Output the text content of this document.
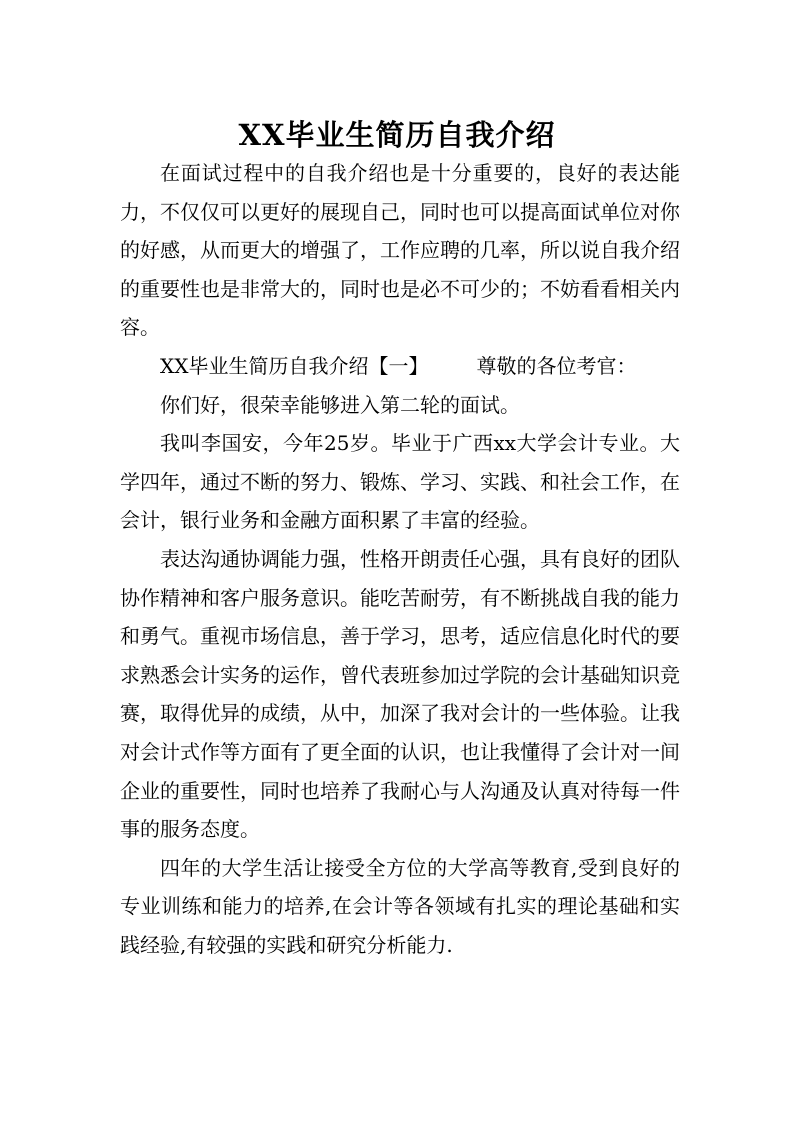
XX毕业生简历自我介绍

在面试过程中的自我介绍也是十分重要的，良好的表达能力，不仅仅可以更好的展现自己，同时也可以提高面试单位对你的好感，从而更大的增强了，工作应聘的几率，所以说自我介绍的重要性也是非常大的，同时也是必不可少的；不妨看看相关内容。

XX毕业生简历自我介绍【一】 尊敬的各位考官：

你们好，很荣幸能够进入第二轮的面试。

我叫李国安，今年25岁。毕业于广西xx大学会计专业。大学四年，通过不断的努力、锻炼、学习、实践、和社会工作，在会计，银行业务和金融方面积累了丰富的经验。

表达沟通协调能力强，性格开朗责任心强，具有良好的团队协作精神和客户服务意识。能吃苦耐劳，有不断挑战自我的能力和勇气。重视市场信息，善于学习，思考，适应信息化时代的要求熟悉会计实务的运作，曾代表班参加过学院的会计基础知识竞赛，取得优异的成绩，从中，加深了我对会计的一些体验。让我对会计式作等方面有了更全面的认识，也让我懂得了会计对一间企业的重要性，同时也培养了我耐心与人沟通及认真对待每一件事的服务态度。

四年的大学生活让接受全方位的大学高等教育,受到良好的专业训练和能力的培养,在会计等各领域有扎实的理论基础和实践经验,有较强的实践和研究分析能力.
